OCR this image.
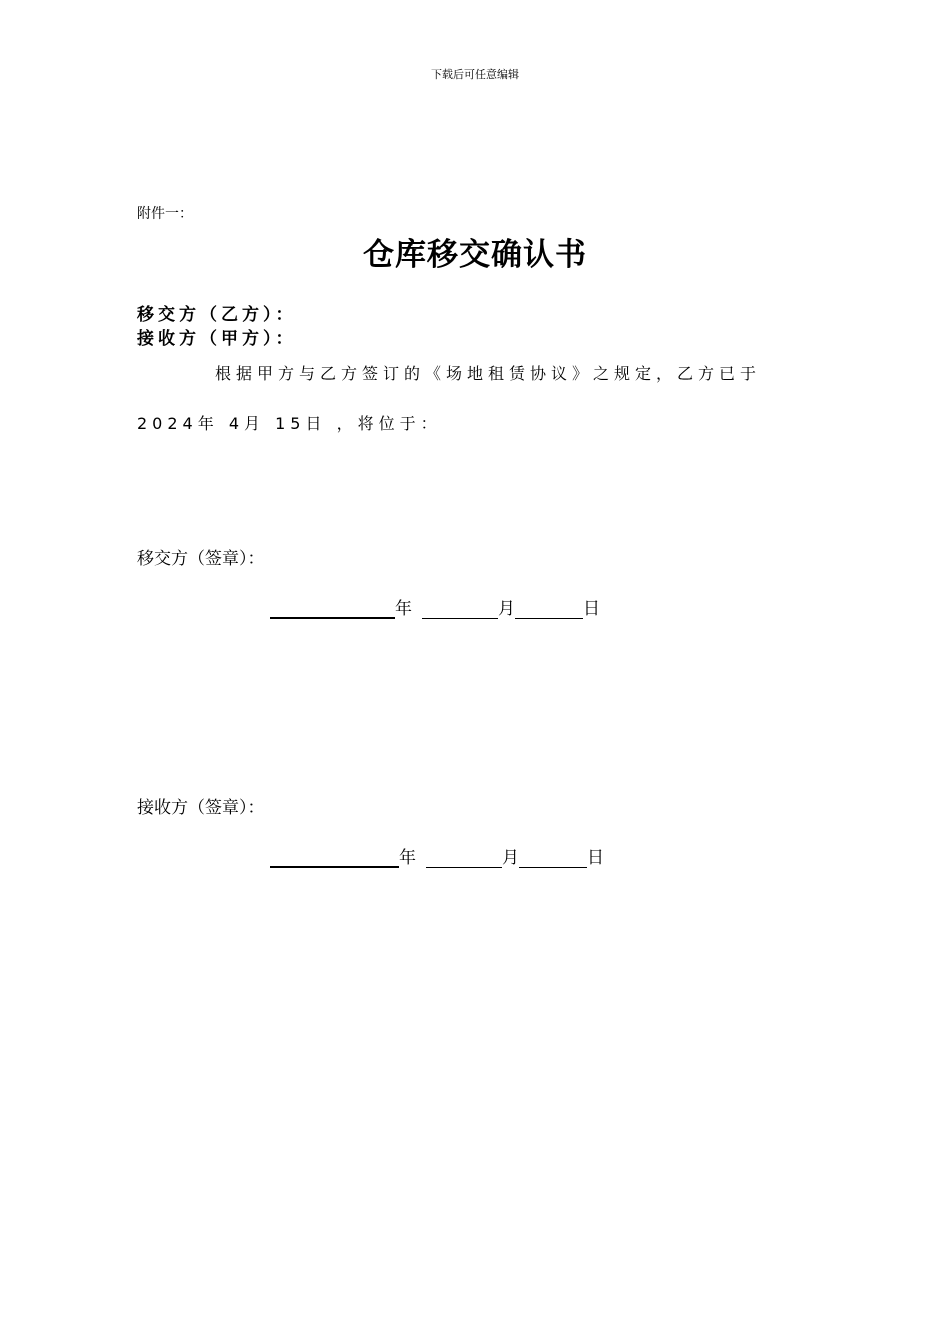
下载后可任意编辑
附件一：
仓库移交确认书
移交方（乙方）：
接收方（甲方）：
根据甲方与乙方签订的《场地租赁协议》之规定，乙方已于
2024年 4月 15日 ，将位于：
移交方（签章）：
年	月	日
接收方（签章）：
年	月	日
